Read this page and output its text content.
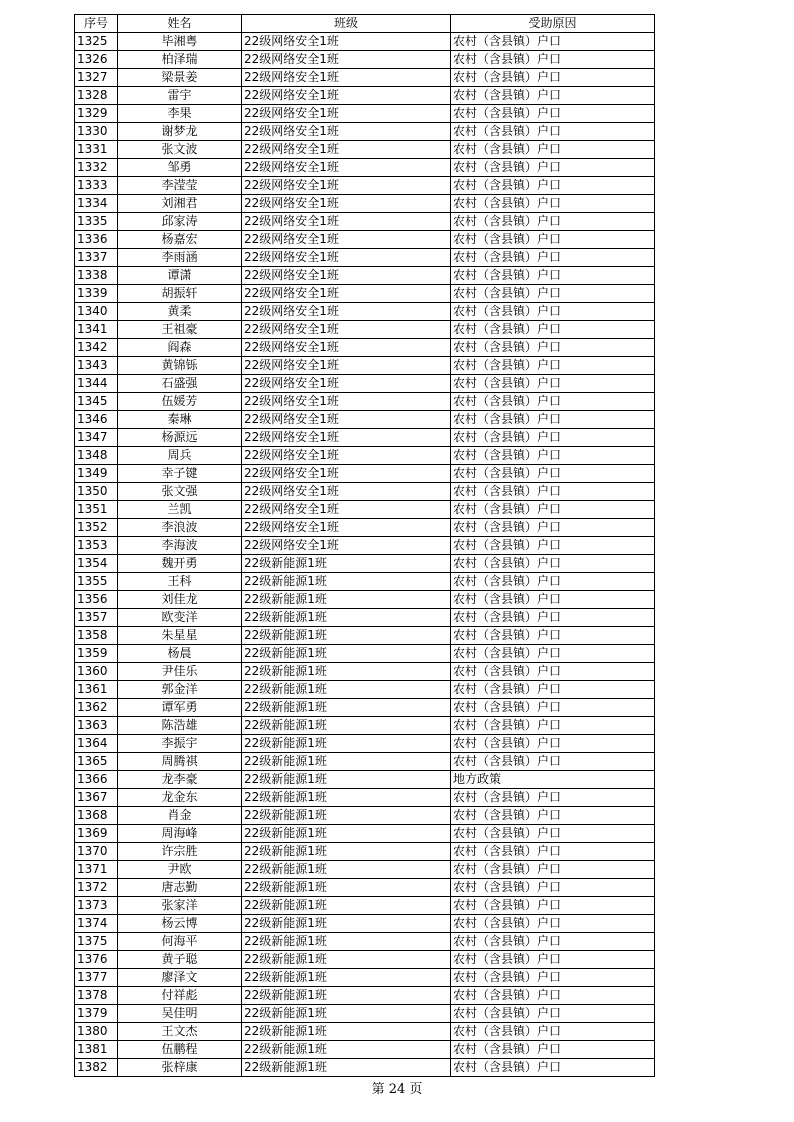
序号	姓名	班级	受助原因
1325	毕湘粤	22级网络安全1班	农村（含县镇）户口
1326	柏泽瑞	22级网络安全1班	农村（含县镇）户口
1327	梁景姜	22级网络安全1班	农村（含县镇）户口
1328	雷宇	22级网络安全1班	农村（含县镇）户口
1329	李果	22级网络安全1班	农村（含县镇）户口
1330	谢梦龙	22级网络安全1班	农村（含县镇）户口
1331	张文波	22级网络安全1班	农村（含县镇）户口
1332	邹勇	22级网络安全1班	农村（含县镇）户口
1333	李滢莹	22级网络安全1班	农村（含县镇）户口
1334	刘湘君	22级网络安全1班	农村（含县镇）户口
1335	邱家涛	22级网络安全1班	农村（含县镇）户口
1336	杨嘉宏	22级网络安全1班	农村（含县镇）户口
1337	李雨涵	22级网络安全1班	农村（含县镇）户口
1338	谭潇	22级网络安全1班	农村（含县镇）户口
1339	胡振轩	22级网络安全1班	农村（含县镇）户口
1340	黄柔	22级网络安全1班	农村（含县镇）户口
1341	王祖豪	22级网络安全1班	农村（含县镇）户口
1342	阎森	22级网络安全1班	农村（含县镇）户口
1343	黄锦铄	22级网络安全1班	农村（含县镇）户口
1344	石盛强	22级网络安全1班	农村（含县镇）户口
1345	伍媛芳	22级网络安全1班	农村（含县镇）户口
1346	秦琳	22级网络安全1班	农村（含县镇）户口
1347	杨源远	22级网络安全1班	农村（含县镇）户口
1348	周兵	22级网络安全1班	农村（含县镇）户口
1349	幸子键	22级网络安全1班	农村（含县镇）户口
1350	张文强	22级网络安全1班	农村（含县镇）户口
1351	兰凯	22级网络安全1班	农村（含县镇）户口
1352	李浪波	22级网络安全1班	农村（含县镇）户口
1353	李海波	22级网络安全1班	农村（含县镇）户口
1354	魏开勇	22级新能源1班	农村（含县镇）户口
1355	王科	22级新能源1班	农村（含县镇）户口
1356	刘佳龙	22级新能源1班	农村（含县镇）户口
1357	欧变洋	22级新能源1班	农村（含县镇）户口
1358	朱星星	22级新能源1班	农村（含县镇）户口
1359	杨晨	22级新能源1班	农村（含县镇）户口
1360	尹佳乐	22级新能源1班	农村（含县镇）户口
1361	郭金洋	22级新能源1班	农村（含县镇）户口
1362	谭军勇	22级新能源1班	农村（含县镇）户口
1363	陈浩雄	22级新能源1班	农村（含县镇）户口
1364	李振宇	22级新能源1班	农村（含县镇）户口
1365	周腾祺	22级新能源1班	农村（含县镇）户口
1366	龙李豪	22级新能源1班	地方政策
1367	龙金东	22级新能源1班	农村（含县镇）户口
1368	肖金	22级新能源1班	农村（含县镇）户口
1369	周海峰	22级新能源1班	农村（含县镇）户口
1370	许宗胜	22级新能源1班	农村（含县镇）户口
1371	尹欧	22级新能源1班	农村（含县镇）户口
1372	唐志勤	22级新能源1班	农村（含县镇）户口
1373	张家洋	22级新能源1班	农村（含县镇）户口
1374	杨云博	22级新能源1班	农村（含县镇）户口
1375	何海平	22级新能源1班	农村（含县镇）户口
1376	黄子聪	22级新能源1班	农村（含县镇）户口
1377	廖泽文	22级新能源1班	农村（含县镇）户口
1378	付祥彪	22级新能源1班	农村（含县镇）户口
1379	吴佳明	22级新能源1班	农村（含县镇）户口
1380	王文杰	22级新能源1班	农村（含县镇）户口
1381	伍鹏程	22级新能源1班	农村（含县镇）户口
1382	张梓康	22级新能源1班	农村（含县镇）户口
第 24 页
